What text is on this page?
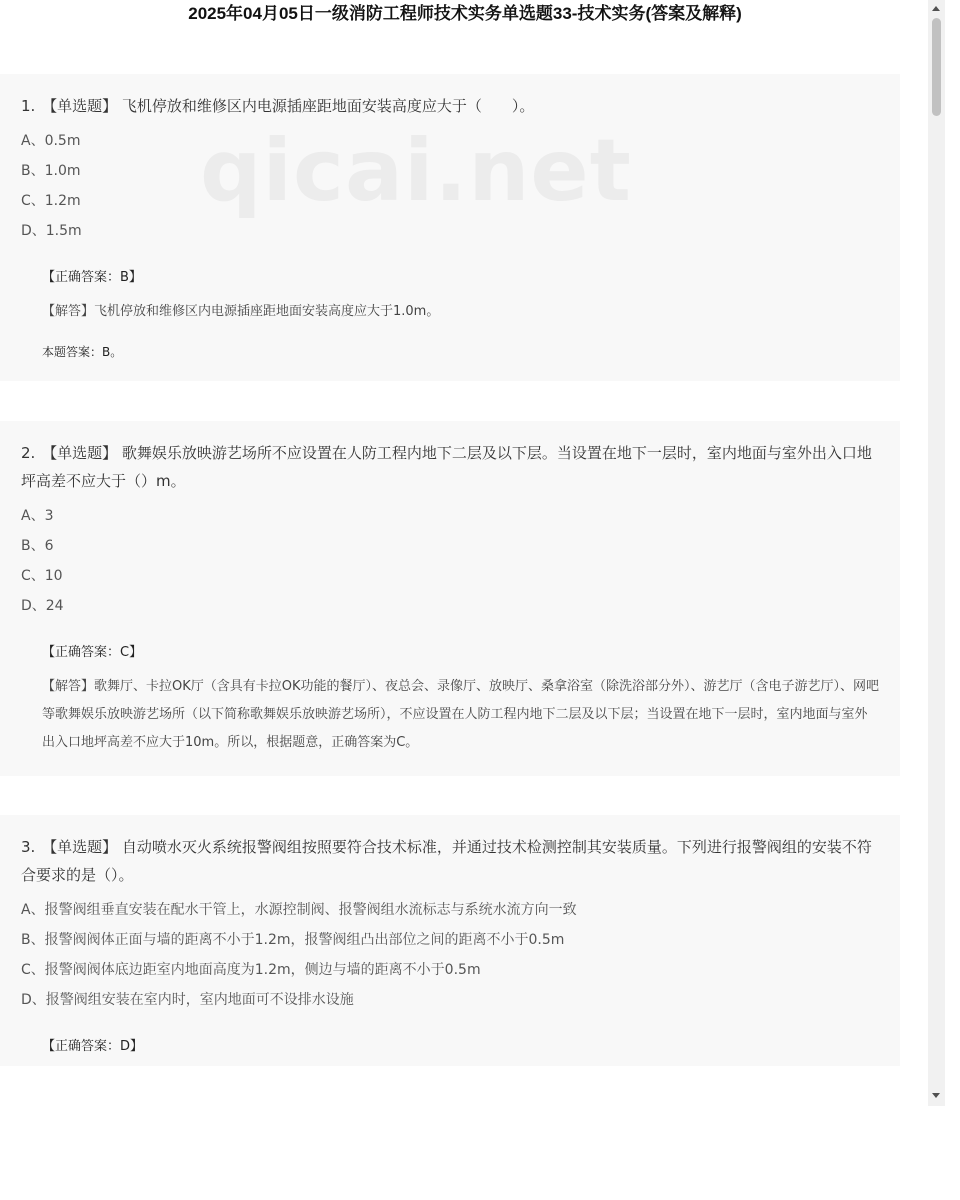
2025年04月05日一级消防工程师技术实务单选题33-技术实务(答案及解释)
qicai.net

1. 【单选题】 飞机停放和维修区内电源插座距地面安装高度应大于（　　）。

A、0.5m
B、1.0m
C、1.2m
D、1.5m
【正确答案：B】
【解答】飞机停放和维修区内电源插座距地面安装高度应大于1.0m。
本题答案：B。

2. 【单选题】 歌舞娱乐放映游艺场所不应设置在人防工程内地下二层及以下层。当设置在地下一层时，室内地面与室外出入口地坪高差不应大于（）m。

A、3
B、6
C、10
D、24
【正确答案：C】
【解答】歌舞厅、卡拉OK厅（含具有卡拉OK功能的餐厅）、夜总会、录像厅、放映厅、桑拿浴室（除洗浴部分外）、游艺厅（含电子游艺厅）、网吧等歌舞娱乐放映游艺场所（以下简称歌舞娱乐放映游艺场所），不应设置在人防工程内地下二层及以下层；当设置在地下一层时，室内地面与室外出入口地坪高差不应大于10m。所以，根据题意，正确答案为C。

3. 【单选题】 自动喷水灭火系统报警阀组按照要符合技术标准，并通过技术检测控制其安装质量。下列进行报警阀组的安装不符合要求的是（）。

A、报警阀组垂直安装在配水干管上，水源控制阀、报警阀组水流标志与系统水流方向一致
B、报警阀阀体正面与墙的距离不小于1.2m，报警阀组凸出部位之间的距离不小于0.5m
C、报警阀阀体底边距室内地面高度为1.2m，侧边与墙的距离不小于0.5m
D、报警阀组安装在室内时，室内地面可不设排水设施
【正确答案：D】
